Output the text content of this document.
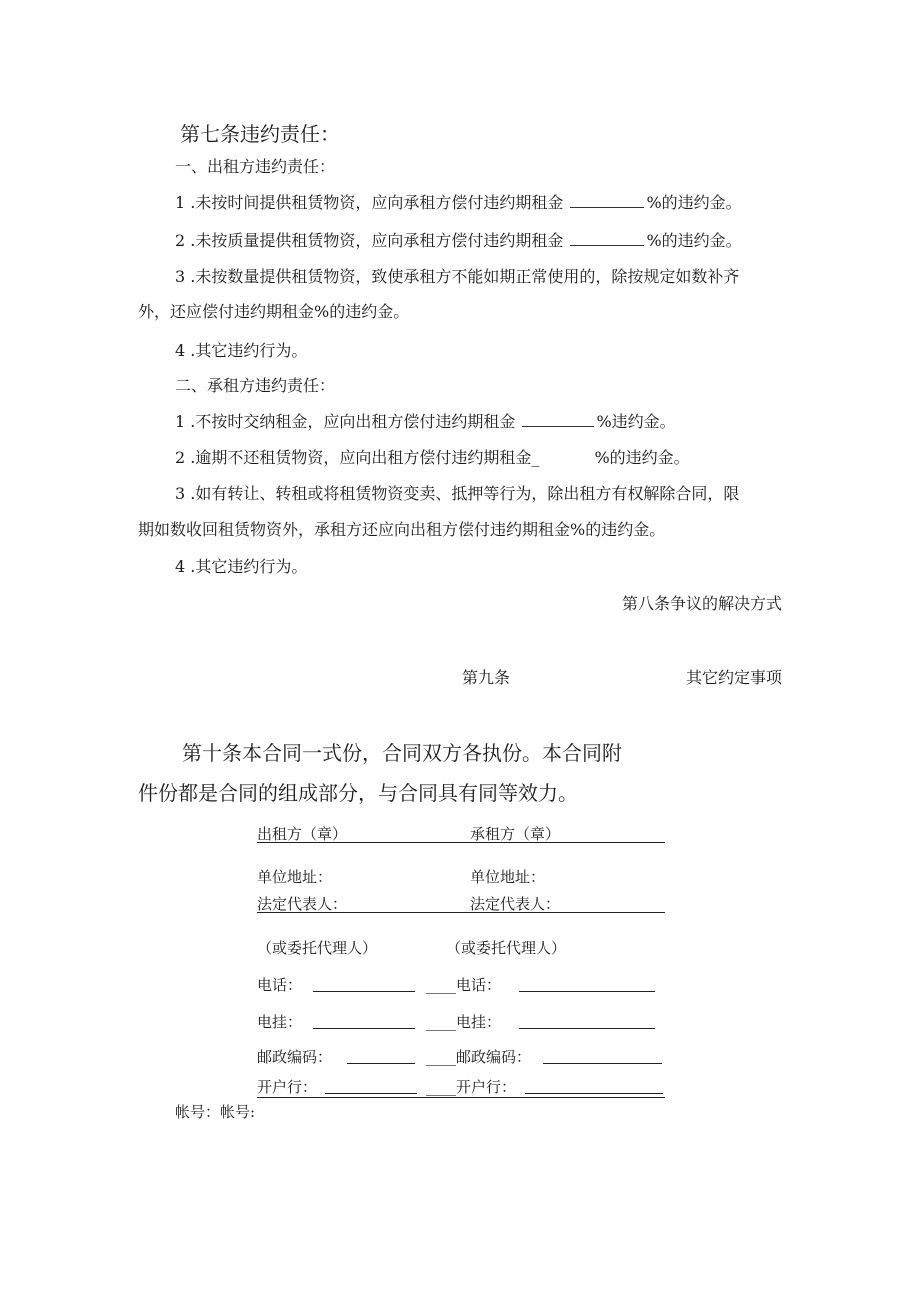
第七条违约责任：
一、出租方违约责任：
1 .未按时间提供租赁物资，应向承租方偿付违约期租金	%的违约金。
2 .未按质量提供租赁物资，应向承租方偿付违约期租金	%的违约金。
3 .未按数量提供租赁物资，致使承租方不能如期正常使用的，除按规定如数补齐
外，还应偿付违约期租金%的违约金。
4 .其它违约行为。
二、承租方违约责任：
1 .不按时交纳租金，应向出租方偿付违约期租金	%违约金。
2 .逾期不还租赁物资，应向出租方偿付违约期租金_	%的违约金。
3 .如有转让、转租或将租赁物资变卖、抵押等行为，除出租方有权解除合同，限
期如数收回租赁物资外，承租方还应向出租方偿付违约期租金%的违约金。
4 .其它违约行为。
第八条争议的解决方式
第九条	其它约定事项
第十条本合同一式份，合同双方各执份。本合同附
件份都是合同的组成部分，与合同具有同等效力。
出租方（章）	承租方（章）
单位地址：	单位地址：
法定代表人：	法定代表人：
（或委托代理人）	（或委托代理人）
电话：	____电话：
电挂：	____电挂：
邮政编码：	____邮政编码：
开户行：	____开户行：
帐号：帐号:
